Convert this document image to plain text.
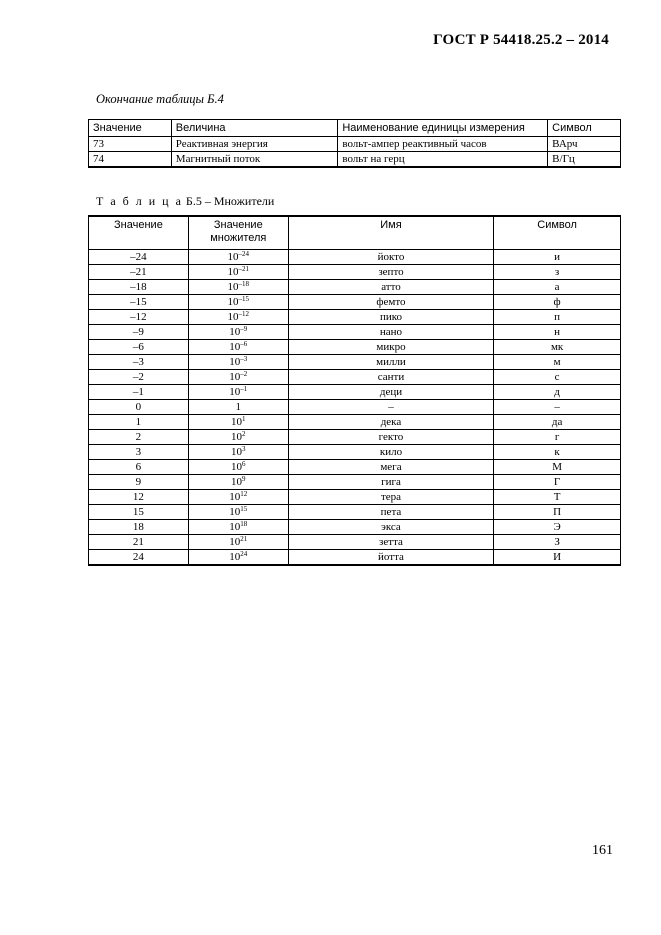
ГОСТ Р 54418.25.2 – 2014
Окончание таблицы Б.4
Значение	Величина	Наименование единицы измерения	Символ
73	Реактивная энергия	вольт-ампер реактивный часов	ВАрч
74	Магнитный поток	вольт на герц	В/Гц
Т а б л и ц а Б.5 – Множители
Значение	Значение множителя	Имя	Символ
–24	$10^{-24}$	йокто	и
–21	$10^{-21}$	зепто	з
–18	$10^{-18}$	атто	а
–15	$10^{-15}$	фемто	ф
–12	$10^{-12}$	пико	п
–9	$10^{-9}$	нано	н
–6	$10^{-6}$	микро	мк
–3	$10^{-3}$	милли	м
–2	$10^{-2}$	санти	с
–1	$10^{-1}$	деци	д
0	1	–	–
1	$10^1$	дека	да
2	$10^2$	гекто	г
3	$10^3$	кило	к
6	$10^6$	мега	М
9	$10^9$	гига	Г
12	$10^{12}$	тера	Т
15	$10^{15}$	пета	П
18	$10^{18}$	экса	Э
21	$10^{21}$	зетта	З
24	$10^{24}$	йотта	И
161
